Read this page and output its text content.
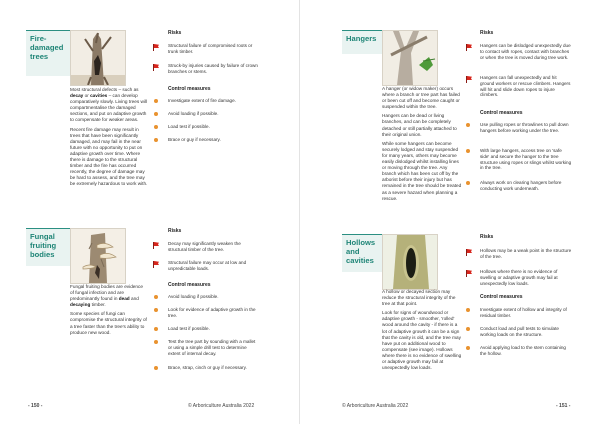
Fire-
damaged
trees

Most structural defects – such as decay or cavities – can develop comparatively slowly. Living trees will compartmentalise the damaged sections, and put on adaptive growth to compensate for weaker areas.

Recent fire damage may result in trees that have been significantly damaged, and may fail in the near future with no opportunity to put on adaptive growth over time. Where there is damage to the structural timber and the fire has occurred recently, the degree of damage may be hard to assess, and the tree may be extremely hazardous to work with.

Risks
Structural failure of compromised roots or trunk timber.
Struck-by injuries caused by failure of crown branches or stems.
Control measures
Investigate extent of fire damage.
Avoid loading if possible.
Load test if possible.
Brace or guy if necessary.
Fungal
fruiting
bodies

Fungal fruiting bodies are evidence of fungal infection and are predominantly found in dead and decaying timber.

Some species of fungi can compromise the structural integrity of a tree faster than the tree's ability to produce new wood.

Risks
Decay may significantly weaken the structural timber of the tree.
Structural failure may occur at low and unpredictable loads.
Control measures
Avoid loading if possible.
Look for evidence of adaptive growth in the tree.
Load test if possible.
Test the tree part by sounding with a mallet or using a simple drill test to determine extent of internal decay.
Brace, strap, cinch or guy if necessary.
Hangers

A hanger (or widow maker) occurs where a branch or tree part has failed or been cut off and become caught or suspended within the tree.

Hangers can be dead or living branches, and can be completely detached or still partially attached to their original union.

While some hangers can become securely lodged and stay suspended for many years, others may become easily dislodged whilst installing lines or moving through the tree. Any branch which has been cut off by the arborist before their injury but has remained in the tree should be treated as a severe hazard when planning a rescue.

Risks
Hangers can be dislodged unexpectedly due to contact with ropes, contact with branches or when the tree is moved during tree work.
Hangers can fall unexpectedly and hit ground workers or rescue climbers. Hangers will hit and slide down ropes to injure climbers.
Control measures
Use pulling ropes or throwlines to pull down hangers before working under the tree.
With large hangers, access tree on 'safe side' and secure the hanger to the tree structure using ropes or slings whilst working in the tree.
Always work on clearing hangers before conducting work underneath.
Hollows
and
cavities

A hollow or decayed section may reduce the structural integrity of the tree at that point.

Look for signs of woundwood or adaptive growth - smoother, 'rolled' wood around the cavity - if there is a lot of adaptive growth it can be a sign that the cavity is old, and the tree may have put on additional wood to compensate (see image). Hollows where there is no evidence of swelling or adaptive growth may fail at unexpectedly low loads.

Risks
Hollows may be a weak point in the structure of the tree.
Hollows where there is no evidence of swelling or adaptive growth may fail at unexpectedly low loads.
Control measures
Investigate extent of hollow and integrity of residual timber.
Conduct load and pull tests to simulate working loads on the structure.
Avoid applying load to the stem containing the hollow.
- 150 -	© Arboriculture Australia 2022	© Arboriculture Australia 2022	- 151 -
